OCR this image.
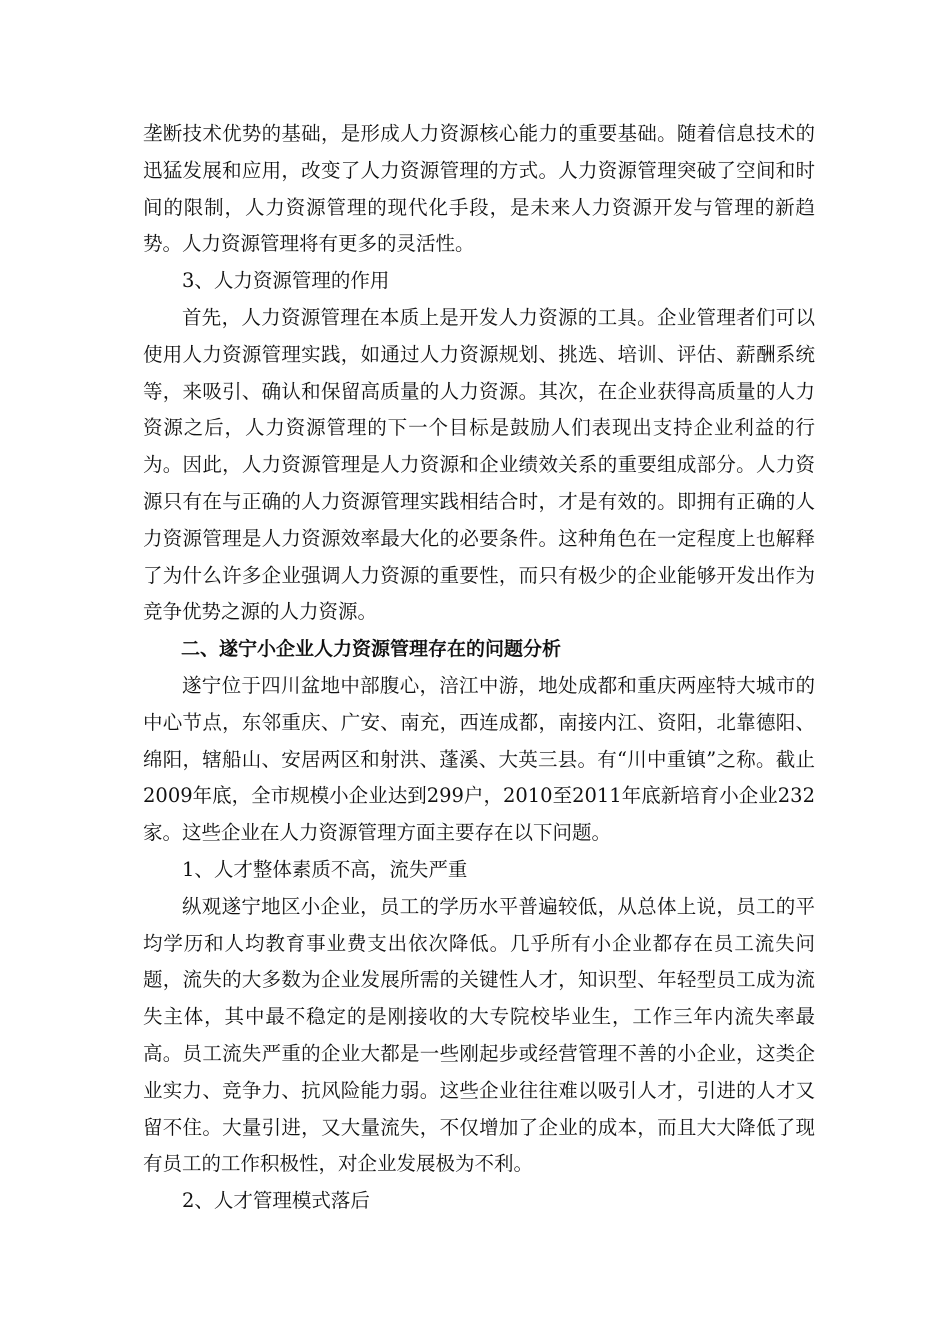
垄断技术优势的基础，是形成人力资源核心能力的重要基础。随着信息技术的迅猛发展和应用，改变了人力资源管理的方式。人力资源管理突破了空间和时间的限制，人力资源管理的现代化手段，是未来人力资源开发与管理的新趋势。人力资源管理将有更多的灵活性。

3、人力资源管理的作用

首先，人力资源管理在本质上是开发人力资源的工具。企业管理者们可以使用人力资源管理实践，如通过人力资源规划、挑选、培训、评估、薪酬系统等，来吸引、确认和保留高质量的人力资源。其次，在企业获得高质量的人力资源之后，人力资源管理的下一个目标是鼓励人们表现出支持企业利益的行为。因此，人力资源管理是人力资源和企业绩效关系的重要组成部分。人力资源只有在与正确的人力资源管理实践相结合时，才是有效的。即拥有正确的人力资源管理是人力资源效率最大化的必要条件。这种角色在一定程度上也解释了为什么许多企业强调人力资源的重要性，而只有极少的企业能够开发出作为竞争优势之源的人力资源。

二、遂宁小企业人力资源管理存在的问题分析

遂宁位于四川盆地中部腹心，涪江中游，地处成都和重庆两座特大城市的中心节点，东邻重庆、广安、南充，西连成都，南接内江、资阳，北靠德阳、绵阳，辖船山、安居两区和射洪、蓬溪、大英三县。有“川中重镇”之称。截止2009年底，全市规模小企业达到299户，2010至2011年底新培育小企业232家。这些企业在人力资源管理方面主要存在以下问题。

1、人才整体素质不高，流失严重

纵观遂宁地区小企业，员工的学历水平普遍较低，从总体上说，员工的平均学历和人均教育事业费支出依次降低。几乎所有小企业都存在员工流失问题，流失的大多数为企业发展所需的关键性人才，知识型、年轻型员工成为流失主体，其中最不稳定的是刚接收的大专院校毕业生，工作三年内流失率最高。员工流失严重的企业大都是一些刚起步或经营管理不善的小企业，这类企业实力、竞争力、抗风险能力弱。这些企业往往难以吸引人才，引进的人才又留不住。大量引进，又大量流失，不仅增加了企业的成本，而且大大降低了现有员工的工作积极性，对企业发展极为不利。

2、人才管理模式落后
